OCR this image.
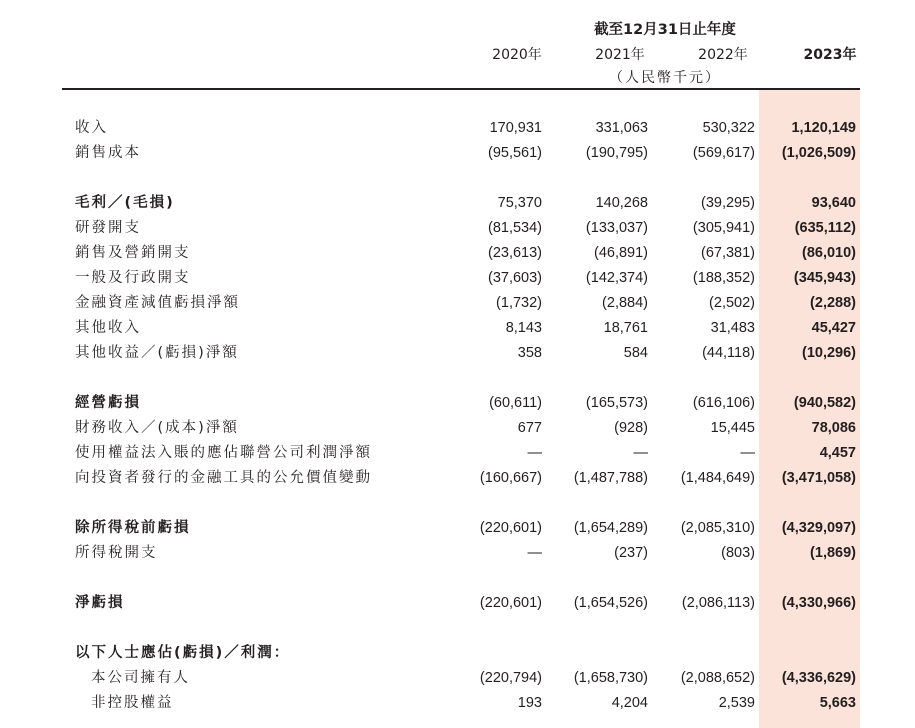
截至12月31日止年度
2020年	2021年	2022年	2023年
（人民幣千元）
收入	170,931	331,063	530,322	1,120,149
銷售成本	(95,561)	(190,795)	(569,617)	(1,026,509)
毛利／(毛損)	75,370	140,268	(39,295)	93,640
研發開支	(81,534)	(133,037)	(305,941)	(635,112)
銷售及營銷開支	(23,613)	(46,891)	(67,381)	(86,010)
一般及行政開支	(37,603)	(142,374)	(188,352)	(345,943)
金融資產減值虧損淨額	(1,732)	(2,884)	(2,502)	(2,288)
其他收入	8,143	18,761	31,483	45,427
其他收益／(虧損)淨額	358	584	(44,118)	(10,296)
經營虧損	(60,611)	(165,573)	(616,106)	(940,582)
財務收入／(成本)淨額	677	(928)	15,445	78,086
使用權益法入賬的應佔聯營公司利潤淨額	—	—	—	4,457
向投資者發行的金融工具的公允價值變動	(160,667)	(1,487,788)	(1,484,649)	(3,471,058)
除所得稅前虧損	(220,601)	(1,654,289)	(2,085,310)	(4,329,097)
所得稅開支	—	(237)	(803)	(1,869)
淨虧損	(220,601)	(1,654,526)	(2,086,113)	(4,330,966)
以下人士應佔(虧損)／利潤：
本公司擁有人	(220,794)	(1,658,730)	(2,088,652)	(4,336,629)
非控股權益	193	4,204	2,539	5,663
